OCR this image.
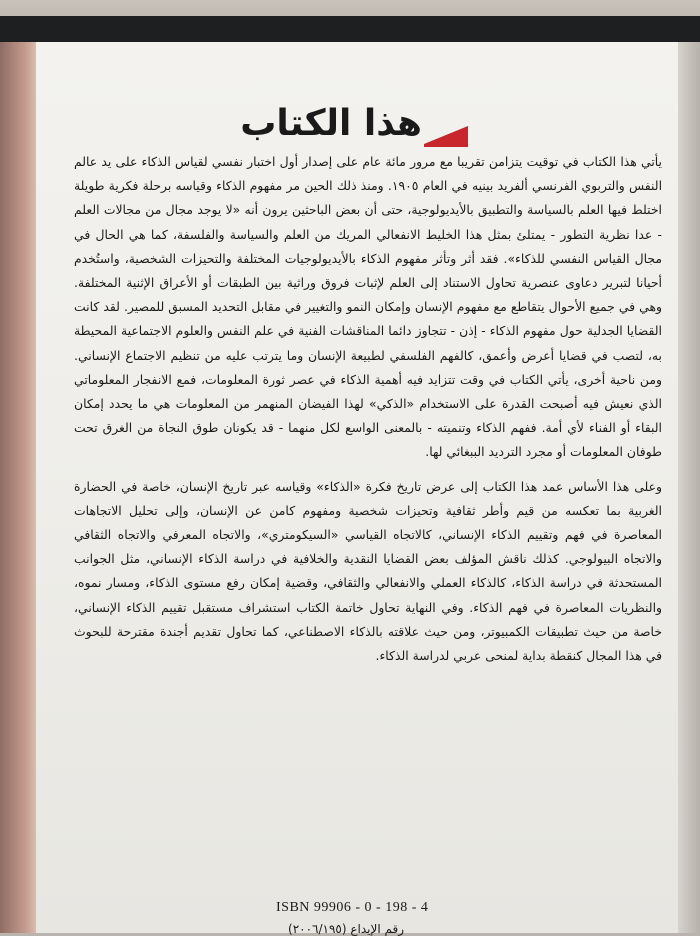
هذا الكتاب

يأتي هذا الكتاب في توقيت يتزامن تقريبا مع مرور مائة عام على إصدار أول اختبار نفسي لقياس الذكاء على يد عالم النفس والتربوي الفرنسي ألفريد بينيه في العام ١٩٠٥. ومنذ ذلك الحين مر مفهوم الذكاء وقياسه برحلة فكرية طويلة اختلط فيها العلم بالسياسة والتطبيق بالأيديولوجية، حتى أن بعض الباحثين يرون أنه «لا يوجد مجال من مجالات العلم - عدا نظرية التطور - يمتلئ بمثل هذا الخليط الانفعالي المريك من العلم والسياسة والفلسفة، كما هي الحال في مجال القياس النفسي للذكاء». فقد أثر وتأثر مفهوم الذكاء بالأيديولوجيات المختلفة والتحيزات الشخصية، واستُخدم أحيانا لتبرير دعاوى عنصرية تحاول الاستناد إلى العلم لإثبات فروق وراثية بين الطبقات أو الأعراق الإثنية المختلفة. وهي في جميع الأحوال يتقاطع مع مفهوم الإنسان وإمكان النمو والتغيير في مقابل التحديد المسبق للمصير. لقد كانت القضايا الجدلية حول مفهوم الذكاء - إذن - تتجاوز دائما المناقشات الفنية في علم النفس والعلوم الاجتماعية المحيطة به، لتصب في قضايا أعرض وأعمق، كالفهم الفلسفي لطبيعة الإنسان وما يترتب عليه من تنظيم الاجتماع الإنساني. ومن ناحية أخرى، يأتي الكتاب في وقت تتزايد فيه أهمية الذكاء في عصر ثورة المعلومات، فمع الانفجار المعلوماتي الذي نعيش فيه أصبحت القدرة على الاستخدام «الذكي» لهذا الفيضان المنهمر من المعلومات هي ما يحدد إمكان البقاء أو الفناء لأي أمة. ففهم الذكاء وتنميته - بالمعنى الواسع لكل منهما - قد يكونان طوق النجاة من الغرق تحت طوفان المعلومات أو مجرد الترديد الببغائي لها.

وعلى هذا الأساس عمد هذا الكتاب إلى عرض تاريخ فكرة «الذكاء» وقياسه عبر تاريخ الإنسان، خاصة في الحضارة الغربية بما تعكسه من قيم وأطر ثقافية وتحيزات شخصية ومفهوم كامن عن الإنسان، وإلى تحليل الاتجاهات المعاصرة في فهم وتقييم الذكاء الإنساني، كالاتجاه القياسي «السيكومتري»، والاتجاه المعرفي والاتجاه الثقافي والاتجاه البيولوجي. كذلك ناقش المؤلف بعض القضايا النقدية والخلافية في دراسة الذكاء الإنساني، مثل الجوانب المستحدثة في دراسة الذكاء، كالذكاء العملي والانفعالي والثقافي، وقضية إمكان رفع مستوى الذكاء، ومسار نموه، والنظريات المعاصرة في فهم الذكاء. وفي النهاية تحاول خاتمة الكتاب استشراف مستقبل تقييم الذكاء الإنساني، خاصة من حيث تطبيقات الكمبيوتر، ومن حيث علاقته بالذكاء الاصطناعي، كما تحاول تقديم أجندة مقترحة للبحوث في هذا المجال كنقطة بداية لمنحى عربي لدراسة الذكاء.

ISBN 99906 - 0 - 198 - 4
رقم الإيداع (٢٠٠٦/١٩٥)
